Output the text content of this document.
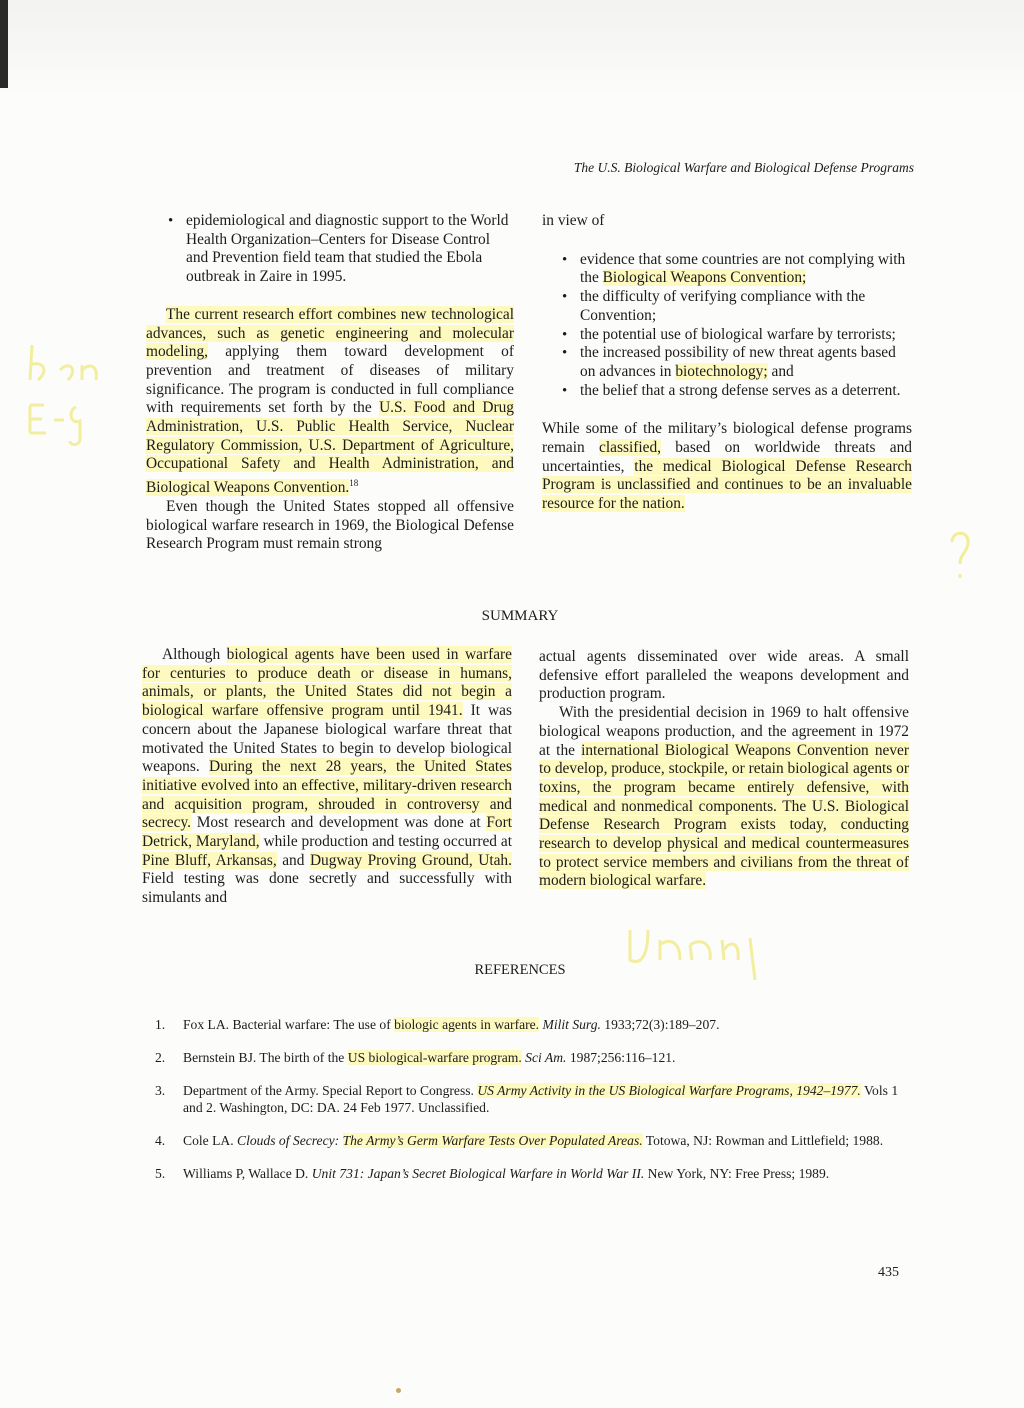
The U.S. Biological Warfare and Biological Defense Programs
• epidemiological and diagnostic support to the World Health Organization–Centers for Disease Control and Prevention field team that studied the Ebola outbreak in Zaire in 1995.

The current research effort combines new technological advances, such as genetic engineering and molecular modeling, applying them toward development of prevention and treatment of diseases of military significance. The program is conducted in full compliance with requirements set forth by the U.S. Food and Drug Administration, U.S. Public Health Service, Nuclear Regulatory Commission, U.S. Department of Agriculture, Occupational Safety and Health Administration, and Biological Weapons Convention.$^{18}$

Even though the United States stopped all offensive biological warfare research in 1969, the Biological Defense Research Program must remain strong

in view of

• evidence that some countries are not complying with the Biological Weapons Convention;
• the difficulty of verifying compliance with the Convention;
• the potential use of biological warfare by terrorists;
• the increased possibility of new threat agents based on advances in biotechnology; and
• the belief that a strong defense serves as a deterrent.

While some of the military’s biological defense programs remain classified, based on worldwide threats and uncertainties, the medical Biological Defense Research Program is unclassified and continues to be an invaluable resource for the nation.

SUMMARY

Although biological agents have been used in warfare for centuries to produce death or disease in humans, animals, or plants, the United States did not begin a biological warfare offensive program until 1941. It was concern about the Japanese biological warfare threat that motivated the United States to begin to develop biological weapons. During the next 28 years, the United States initiative evolved into an effective, military-driven research and acquisition program, shrouded in controversy and secrecy. Most research and development was done at Fort Detrick, Maryland, while production and testing occurred at Pine Bluff, Arkansas, and Dugway Proving Ground, Utah. Field testing was done secretly and successfully with simulants and

actual agents disseminated over wide areas. A small defensive effort paralleled the weapons development and production program.

With the presidential decision in 1969 to halt offensive biological weapons production, and the agreement in 1972 at the international Biological Weapons Convention never to develop, produce, stockpile, or retain biological agents or toxins, the program became entirely defensive, with medical and nonmedical components. The U.S. Biological Defense Research Program exists today, conducting research to develop physical and medical countermeasures to protect service members and civilians from the threat of modern biological warfare.

REFERENCES
1. Fox LA. Bacterial warfare: The use of biologic agents in warfare. Milit Surg. 1933;72(3):189–207.
2. Bernstein BJ. The birth of the US biological-warfare program. Sci Am. 1987;256:116–121.
3. Department of the Army. Special Report to Congress. US Army Activity in the US Biological Warfare Programs, 1942–1977. Vols 1 and 2. Washington, DC: DA. 24 Feb 1977. Unclassified.
4. Cole LA. Clouds of Secrecy: The Army’s Germ Warfare Tests Over Populated Areas. Totowa, NJ: Rowman and Littlefield; 1988.
5. Williams P, Wallace D. Unit 731: Japan’s Secret Biological Warfare in World War II. New York, NY: Free Press; 1989.
435
